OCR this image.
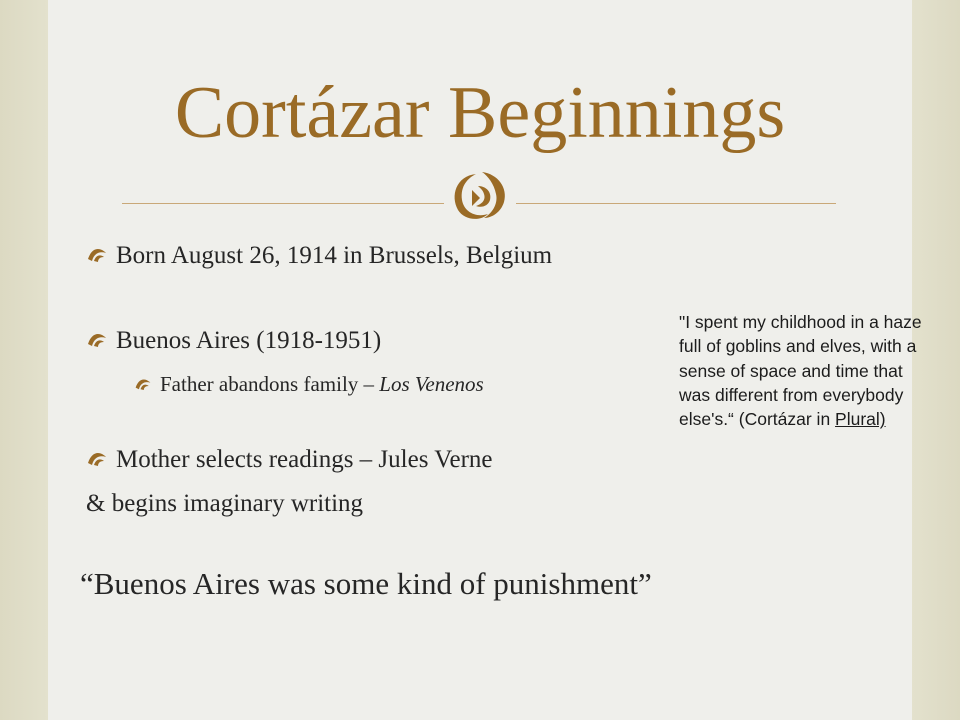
Cortázar Beginnings
Born August 26, 1914 in Brussels, Belgium
Buenos Aires (1918-1951)
Father abandons family – Los Venenos
Mother selects readings – Jules Verne
& begins imaginary writing
"I spent my childhood in a haze full of goblins and elves, with a sense of space and time that was different from everybody else's.“ (Cortázar in Plural)
“Buenos Aires was some kind of punishment”
